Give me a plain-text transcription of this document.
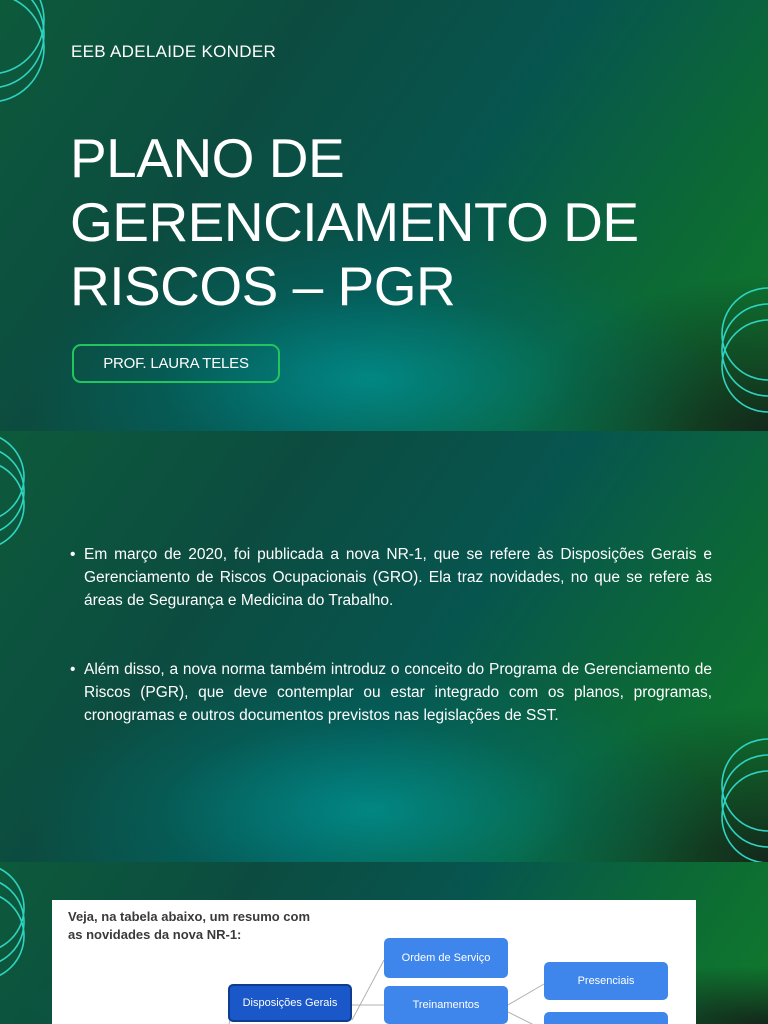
EEB ADELAIDE KONDER
PLANO DE
GERENCIAMENTO DE
RISCOS – PGR
PROF. LAURA TELES
• Em março de 2020, foi publicada a nova NR-1, que se refere às Disposições Gerais e Gerenciamento de Riscos Ocupacionais (GRO). Ela traz novidades, no que se refere às áreas de Segurança e Medicina do Trabalho.
• Além disso, a nova norma também introduz o conceito do Programa de Gerenciamento de Riscos (PGR), que deve contemplar ou estar integrado com os planos, programas, cronogramas e outros documentos previstos nas legislações de SST.
Veja, na tabela abaixo, um resumo com as novidades da nova NR-1:
Disposições Gerais
Ordem de Serviço
Treinamentos
Presenciais
